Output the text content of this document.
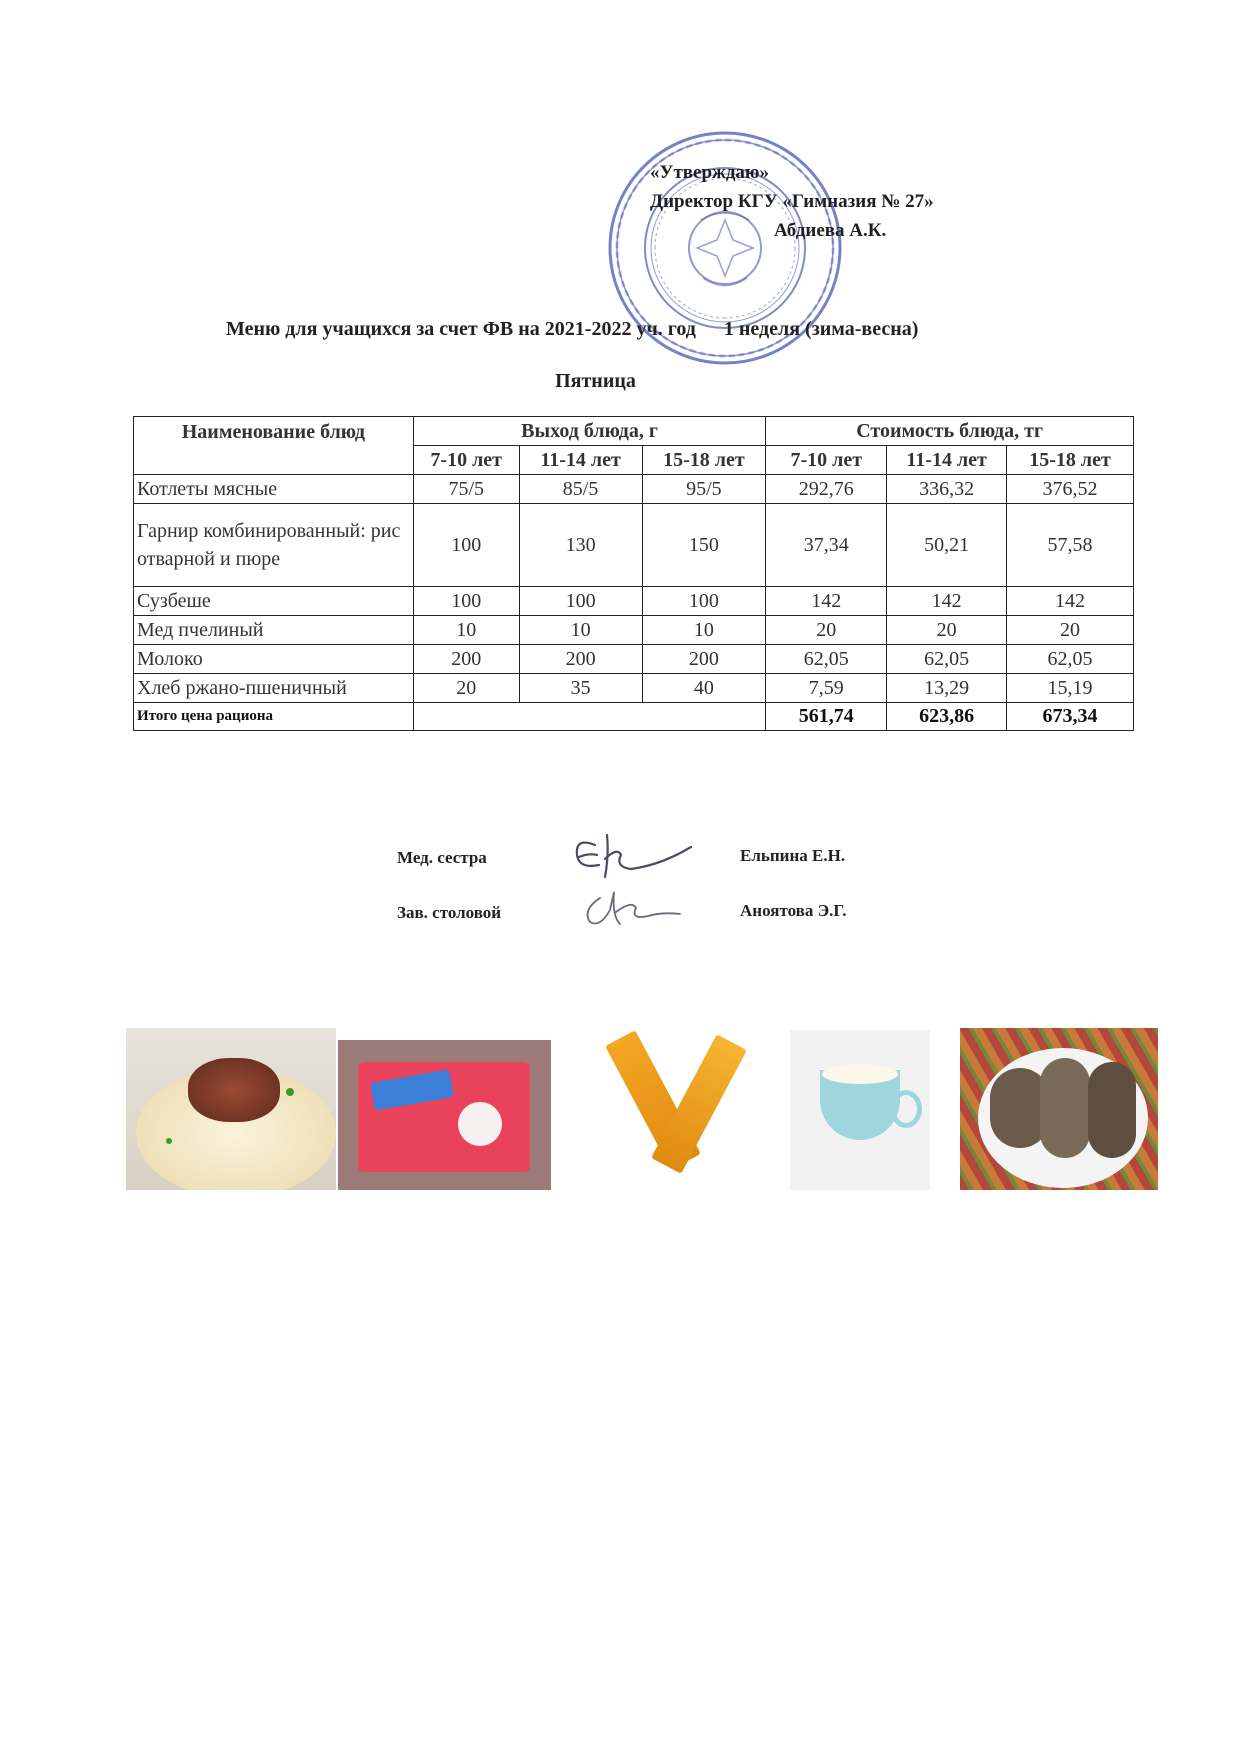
«Утверждаю»
Директор КГУ «Гимназия № 27»
Абдиева А.К.
Меню для учащихся за счет ФВ на 2021-2022 уч. год 1 неделя (зима-весна)
Пятница
Наименование блюд	Выход блюда, г			Стоимость блюда, тг		
	7-10 лет	11-14 лет	15-18 лет	7-10 лет	11-14 лет	15-18 лет
Котлеты мясные	75/5	85/5	95/5	292,76	336,32	376,52
Гарнир комбинированный: рис отварной и пюре	100	130	150	37,34	50,21	57,58
Сузбеше	100	100	100	142	142	142
Мед пчелиный	10	10	10	20	20	20
Молоко	200	200	200	62,05	62,05	62,05
Хлеб ржано-пшеничный	20	35	40	7,59	13,29	15,19
Итого цена рациона				561,74	623,86	673,34
Мед. сестра	Ельпина Е.Н.
Зав. столовой	Аноятова Э.Г.
